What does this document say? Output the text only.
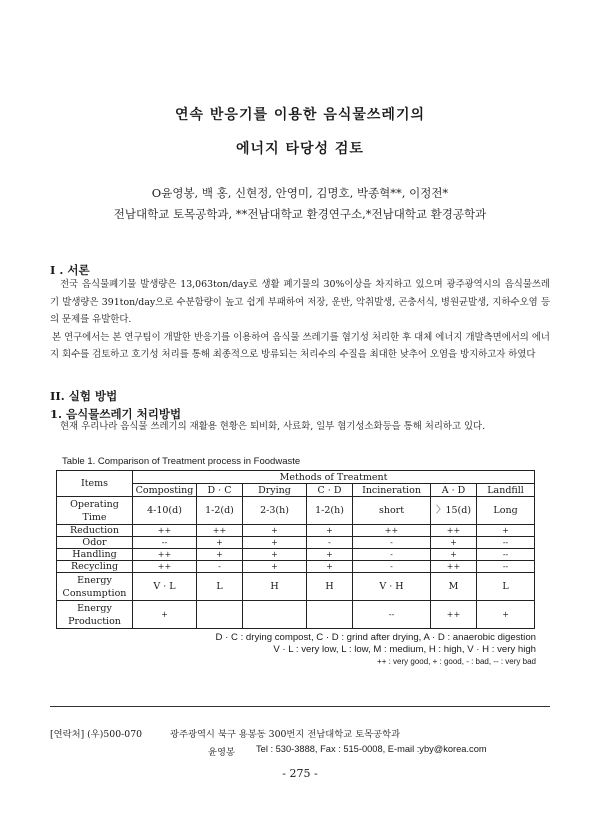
연속 반응기를 이용한 음식물쓰레기의
에너지 타당성 검토
O윤영봉, 백 홍, 신현정, 안영미, 김명호, 박종혁**, 이정전*
전남대학교 토목공학과, **전남대학교 환경연구소,*전남대학교 환경공학과
I . 서론

전국 음식물폐기물 발생량은 13,063ton/day로 생활 폐기물의 30%이상을 차지하고 있으며 광주광역시의 음식물쓰레기 발생량은 391ton/day으로 수분함량이 높고 쉽게 부패하여 저장, 운반, 악취발생, 곤충서식, 병원균발생, 지하수오염 등의 문제를 유발한다.

본 연구에서는 본 연구팀이 개발한 반응기를 이용하여 음식물 쓰레기를 혐기성 처리한 후 대체 에너지 개발측면에서의 에너지 회수를 검토하고 호기성 처리를 통해 최종적으로 방류되는 처리수의 수질을 최대한 낮추어 오염을 방지하고자 하였다

II. 실험 방법
1. 음식물쓰레기 처리방법

현재 우리나라 음식물 쓰레기의 재활용 현황은 퇴비화, 사료화, 일부 혐기성소화등을 통해 처리하고 있다.

Table 1. Comparison of Treatment process in Foodwaste
Items	Methods of Treatment						
	Composting	D · C	Drying	C · D	Incineration	A · D	Landfill
Operating Time	4-10(d)	1-2(d)	2-3(h)	1-2(h)	short	〉15(d)	Long
Reduction	++	++	+	+	++	++	+
Odor	--	+	+	-	-	+	--
Handling	++	+	+	+	-	+	--
Recycling	++	-	+	+	-	++	--
Energy Consumption	V · L	L	H	H	V · H	M	L
Energy Production	+				--	++	+
D · C : drying compost, C · D : grind after drying, A · D : anaerobic digestion
V · L : very low, L : low, M : medium, H : high, V · H : very high
++ : very good, + : good, - : bad, -- : very bad
[연락처] (우)500-070	광주광역시 북구 용봉동 300번지 전남대학교 토목공학과
윤영봉 Tel : 530-3888, Fax : 515-0008, E-mail :yby@korea.com
- 275 -
